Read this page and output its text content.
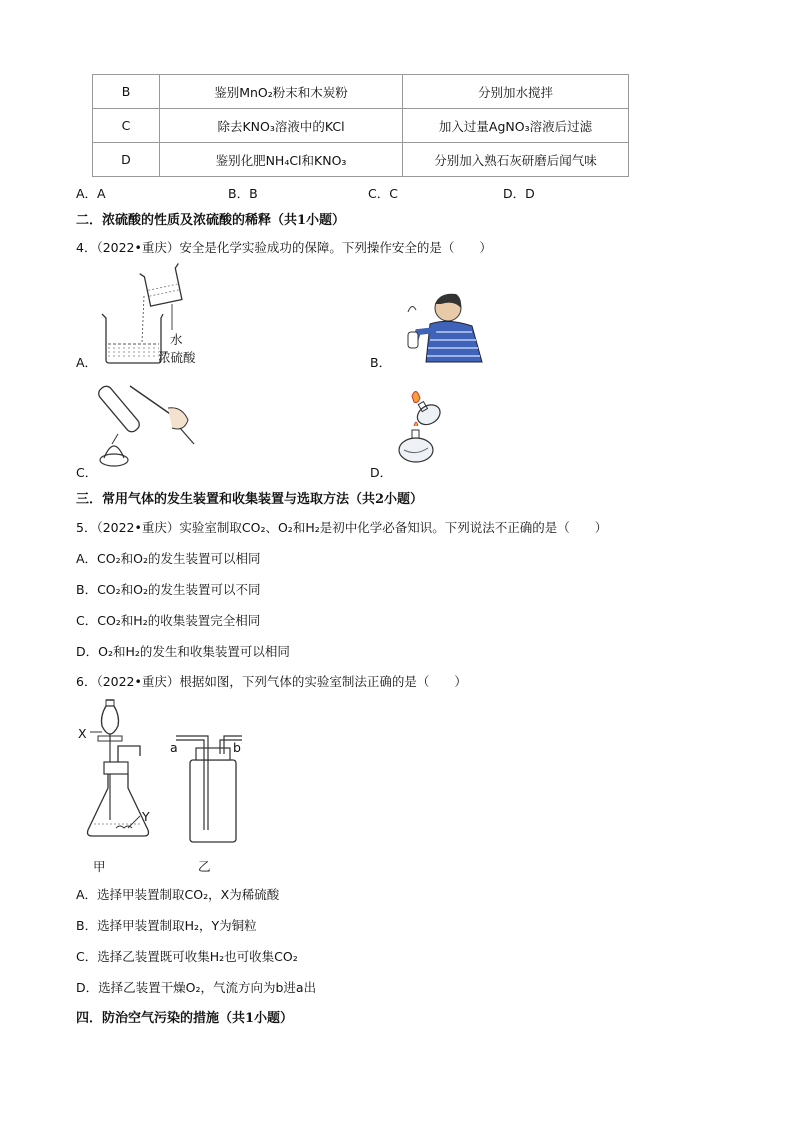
B	鉴别MnO₂粉末和木炭粉	分别加水搅拌
C	除去KNO₃溶液中的KCl	加入过量AgNO₃溶液后过滤
D	鉴别化肥NH₄Cl和KNO₃	分别加入熟石灰研磨后闻气味
A．A	B．B	C．C	D．D
二．浓硫酸的性质及浓硫酸的稀释（共1小题）
4．（2022•重庆）安全是化学实验成功的保障。下列操作安全的是（　　）
水
浓硫酸
A．	B．
C．	D．
三．常用气体的发生装置和收集装置与选取方法（共2小题）
5．（2022•重庆）实验室制取CO₂、O₂和H₂是初中化学必备知识。下列说法不正确的是（　　）
A．CO₂和O₂的发生装置可以相同
B．CO₂和O₂的发生装置可以不同
C．CO₂和H₂的收集装置完全相同
D．O₂和H₂的发生和收集装置可以相同
6．（2022•重庆）根据如图，下列气体的实验室制法正确的是（　　）
X
Y
a	b
甲	乙
A．选择甲装置制取CO₂，X为稀硫酸
B．选择甲装置制取H₂，Y为铜粒
C．选择乙装置既可收集H₂也可收集CO₂
D．选择乙装置干燥O₂，气流方向为b进a出
四．防治空气污染的措施（共1小题）
